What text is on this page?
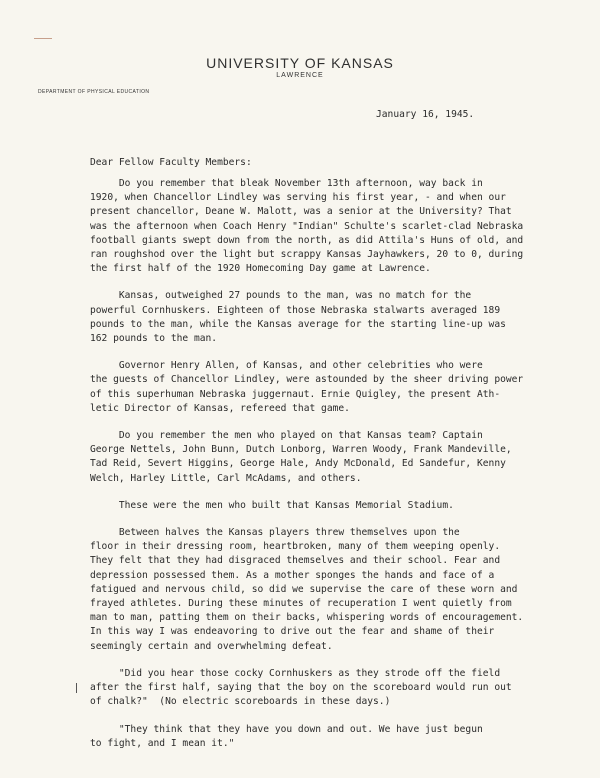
UNIVERSITY OF KANSAS
LAWRENCE
DEPARTMENT OF PHYSICAL EDUCATION
January 16, 1945.
Dear Fellow Faculty Members:
Do you remember that bleak November 13th afternoon, way back in
1920, when Chancellor Lindley was serving his first year, - and when our
present chancellor, Deane W. Malott, was a senior at the University? That
was the afternoon when Coach Henry "Indian" Schulte's scarlet-clad Nebraska
football giants swept down from the north, as did Attila's Huns of old, and
ran roughshod over the light but scrappy Kansas Jayhawkers, 20 to 0, during
the first half of the 1920 Homecoming Day game at Lawrence.
Kansas, outweighed 27 pounds to the man, was no match for the
powerful Cornhuskers. Eighteen of those Nebraska stalwarts averaged 189
pounds to the man, while the Kansas average for the starting line-up was
162 pounds to the man.
Governor Henry Allen, of Kansas, and other celebrities who were
the guests of Chancellor Lindley, were astounded by the sheer driving power
of this superhuman Nebraska juggernaut. Ernie Quigley, the present Ath-
letic Director of Kansas, refereed that game.
Do you remember the men who played on that Kansas team? Captain
George Nettels, John Bunn, Dutch Lonborg, Warren Woody, Frank Mandeville,
Tad Reid, Severt Higgins, George Hale, Andy McDonald, Ed Sandefur, Kenny
Welch, Harley Little, Carl McAdams, and others.
These were the men who built that Kansas Memorial Stadium.
Between halves the Kansas players threw themselves upon the
floor in their dressing room, heartbroken, many of them weeping openly.
They felt that they had disgraced themselves and their school. Fear and
depression possessed them. As a mother sponges the hands and face of a
fatigued and nervous child, so did we supervise the care of these worn and
frayed athletes. During these minutes of recuperation I went quietly from
man to man, patting them on their backs, whispering words of encouragement.
In this way I was endeavoring to drive out the fear and shame of their
seemingly certain and overwhelming defeat.
"Did you hear those cocky Cornhuskers as they strode off the field
after the first half, saying that the boy on the scoreboard would run out
of chalk?"  (No electric scoreboards in these days.)
"They think that they have you down and out. We have just begun
to fight, and I mean it."
